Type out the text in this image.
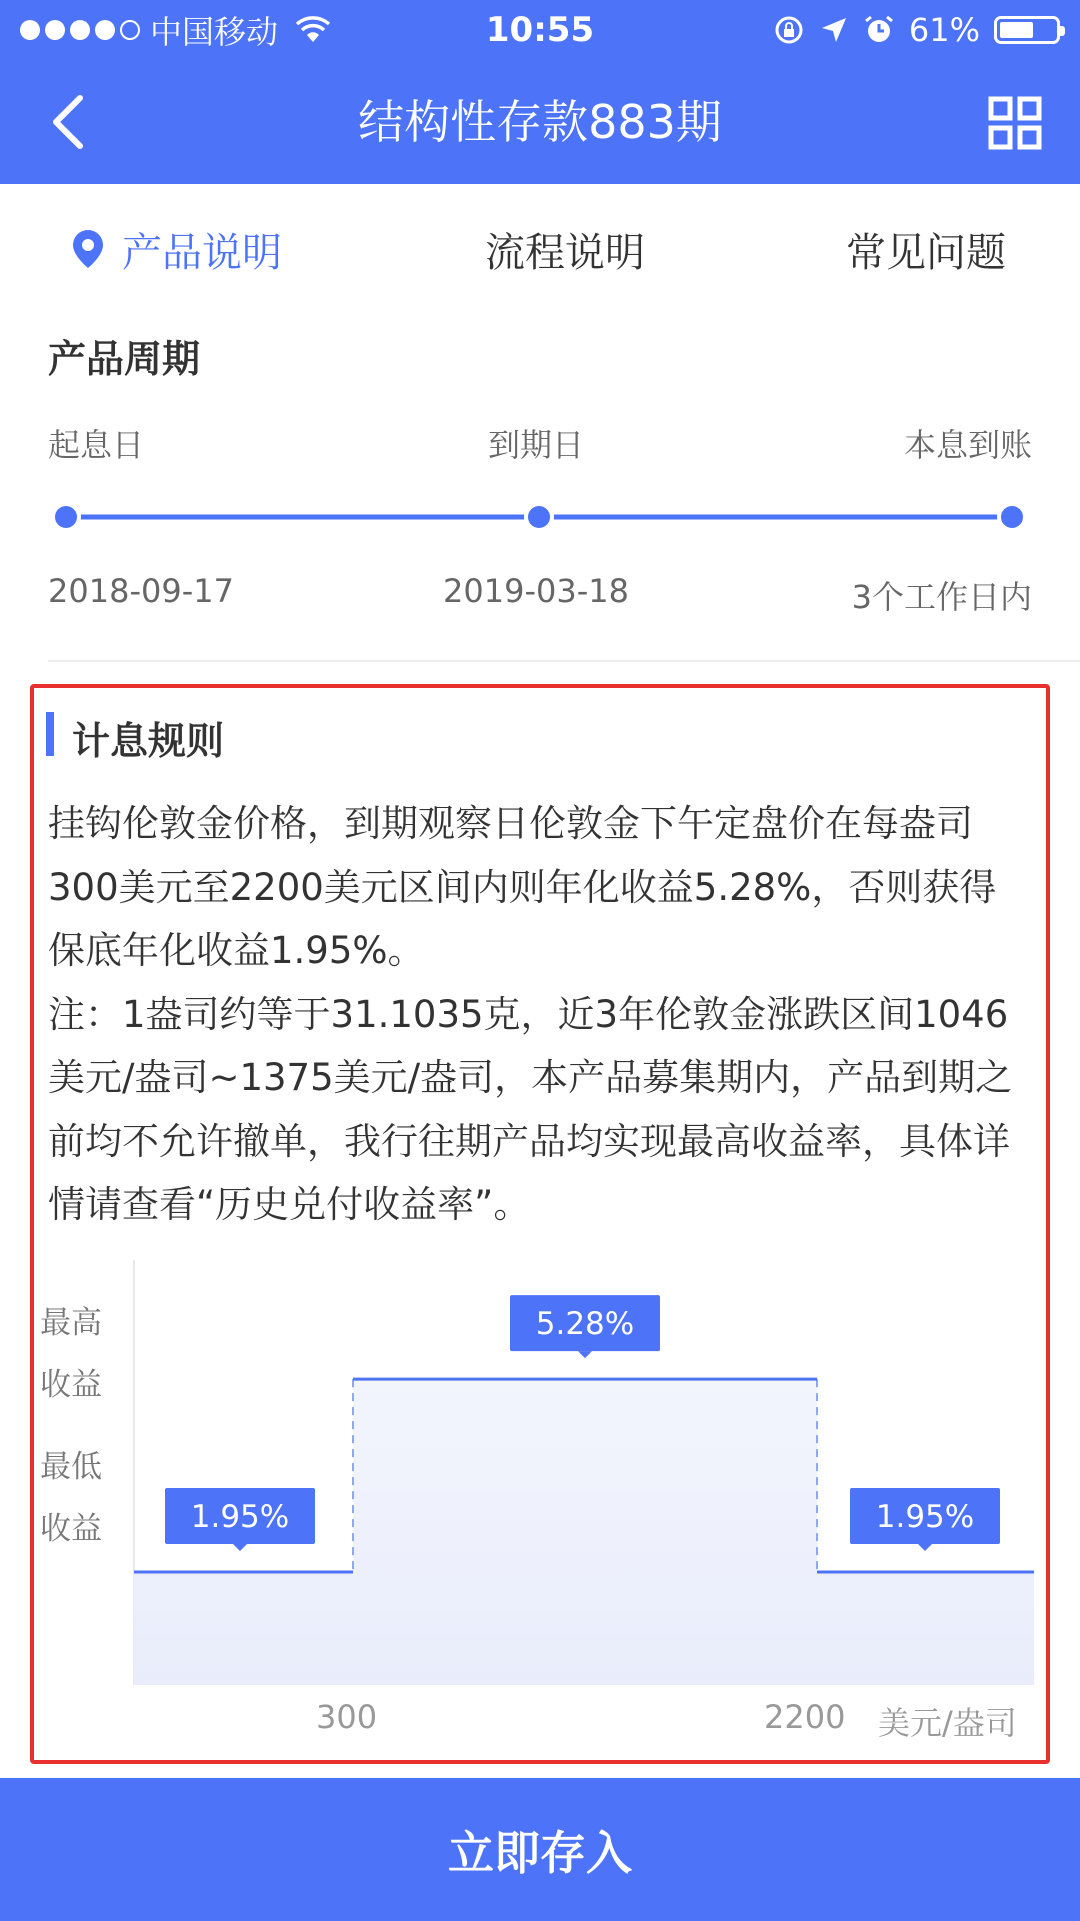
中国移动	10:55	61%
结构性存款883期
产品说明	流程说明	常见问题
产品周期
起息日	到期日	本息到账
2018-09-17	2019-03-18	3个工作日内
计息规则

挂钩伦敦金价格，到期观察日伦敦金下午定盘价在每盎司300美元至2200美元区间内则年化收益5.28%，否则获得保底年化收益1.95%。

注：1盎司约等于31.1035克，近3年伦敦金涨跌区间1046美元/盎司~1375美元/盎司，本产品募集期内，产品到期之前均不允许撤单，我行往期产品均实现最高收益率，具体详情请查看“历史兑付收益率”。

1.95%
5.28%
1.95%
最高
收益
最低
收益
300	2200 美元/盎司
立即存入
